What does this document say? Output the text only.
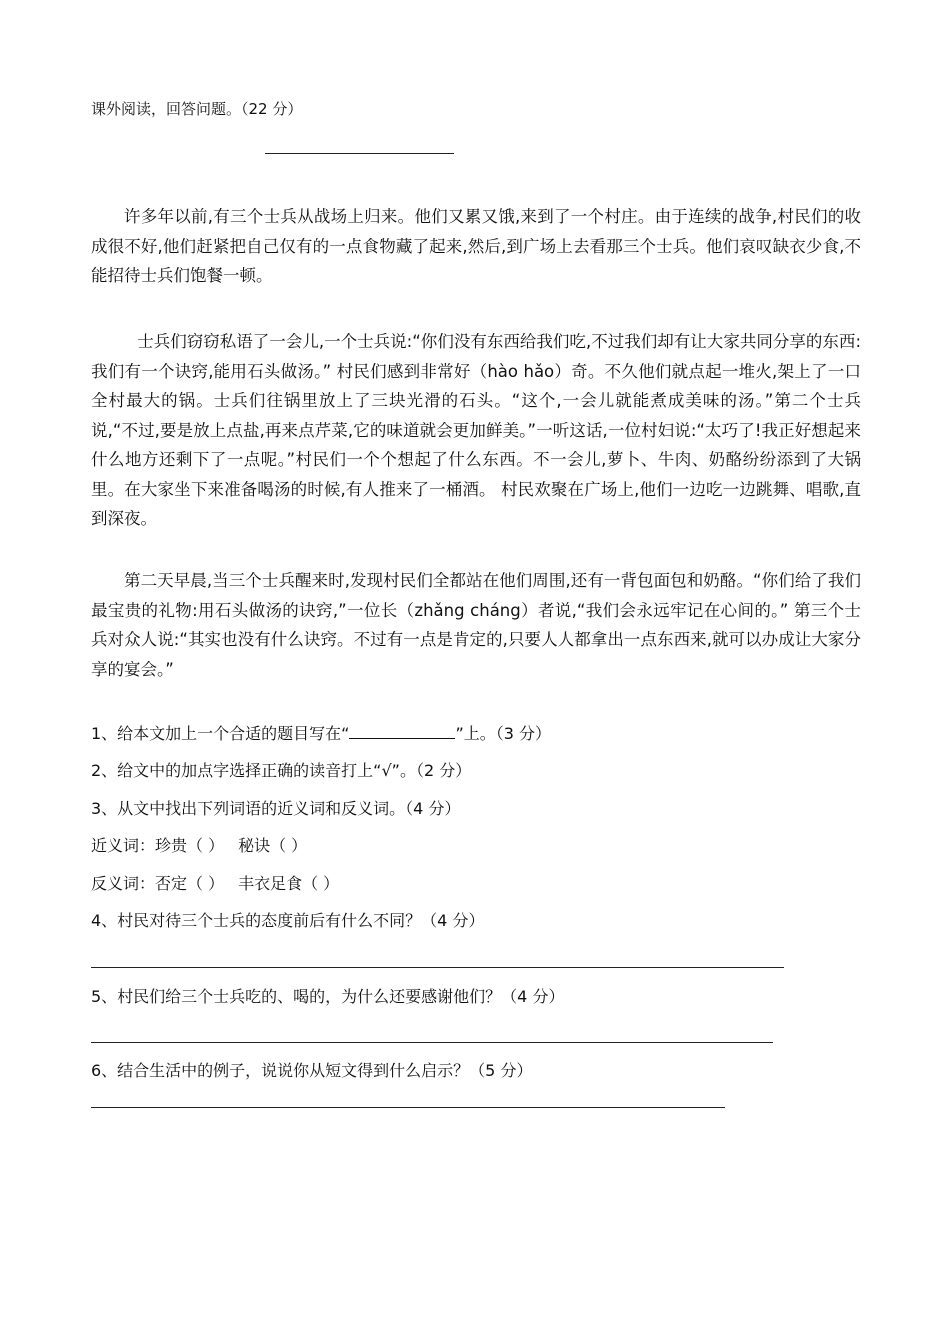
课外阅读，回答问题。（22 分）

许多年以前,有三个士兵从战场上归来。他们又累又饿,来到了一个村庄。由于连续的战争,村民们的收成很不好,他们赶紧把自己仅有的一点食物藏了起来,然后,到广场上去看那三个士兵。他们哀叹缺衣少食,不能招待士兵们饱餐一顿。

士兵们窃窃私语了一会儿,一个士兵说:“你们没有东西给我们吃,不过我们却有让大家共同分享的东西:我们有一个诀窍,能用石头做汤。” 村民们感到非常好（hào hǎo）奇。不久他们就点起一堆火,架上了一口全村最大的锅。士兵们往锅里放上了三块光滑的石头。“这个,一会儿就能煮成美味的汤。”第二个士兵说,“不过,要是放上点盐,再来点芹菜,它的味道就会更加鲜美。”一听这话,一位村妇说:“太巧了!我正好想起来什么地方还剩下了一点呢。”村民们一个个想起了什么东西。不一会儿,萝卜、牛肉、奶酪纷纷添到了大锅里。在大家坐下来准备喝汤的时候,有人推来了一桶酒。 村民欢聚在广场上,他们一边吃一边跳舞、唱歌,直到深夜。

第二天早晨,当三个士兵醒来时,发现村民们全都站在他们周围,还有一背包面包和奶酪。“你们给了我们最宝贵的礼物:用石头做汤的诀窍,”一位长（zhǎng cháng）者说,“我们会永远牢记在心间的。” 第三个士兵对众人说:“其实也没有什么诀窍。不过有一点是肯定的,只要人人都拿出一点东西来,就可以办成让大家分享的宴会。”

1、给本文加上一个合适的题目写在“	”上。（3 分）
2、给文中的加点字选择正确的读音打上“√”。（2 分）
3、从文中找出下列词语的近义词和反义词。（4 分）
近义词：珍贵（ ） 秘诀（ ）
反义词：否定（ ） 丰衣足食（ ）
4、村民对待三个士兵的态度前后有什么不同？（4 分）
5、村民们给三个士兵吃的、喝的，为什么还要感谢他们？（4 分）
6、结合生活中的例子，说说你从短文得到什么启示？（5 分）
